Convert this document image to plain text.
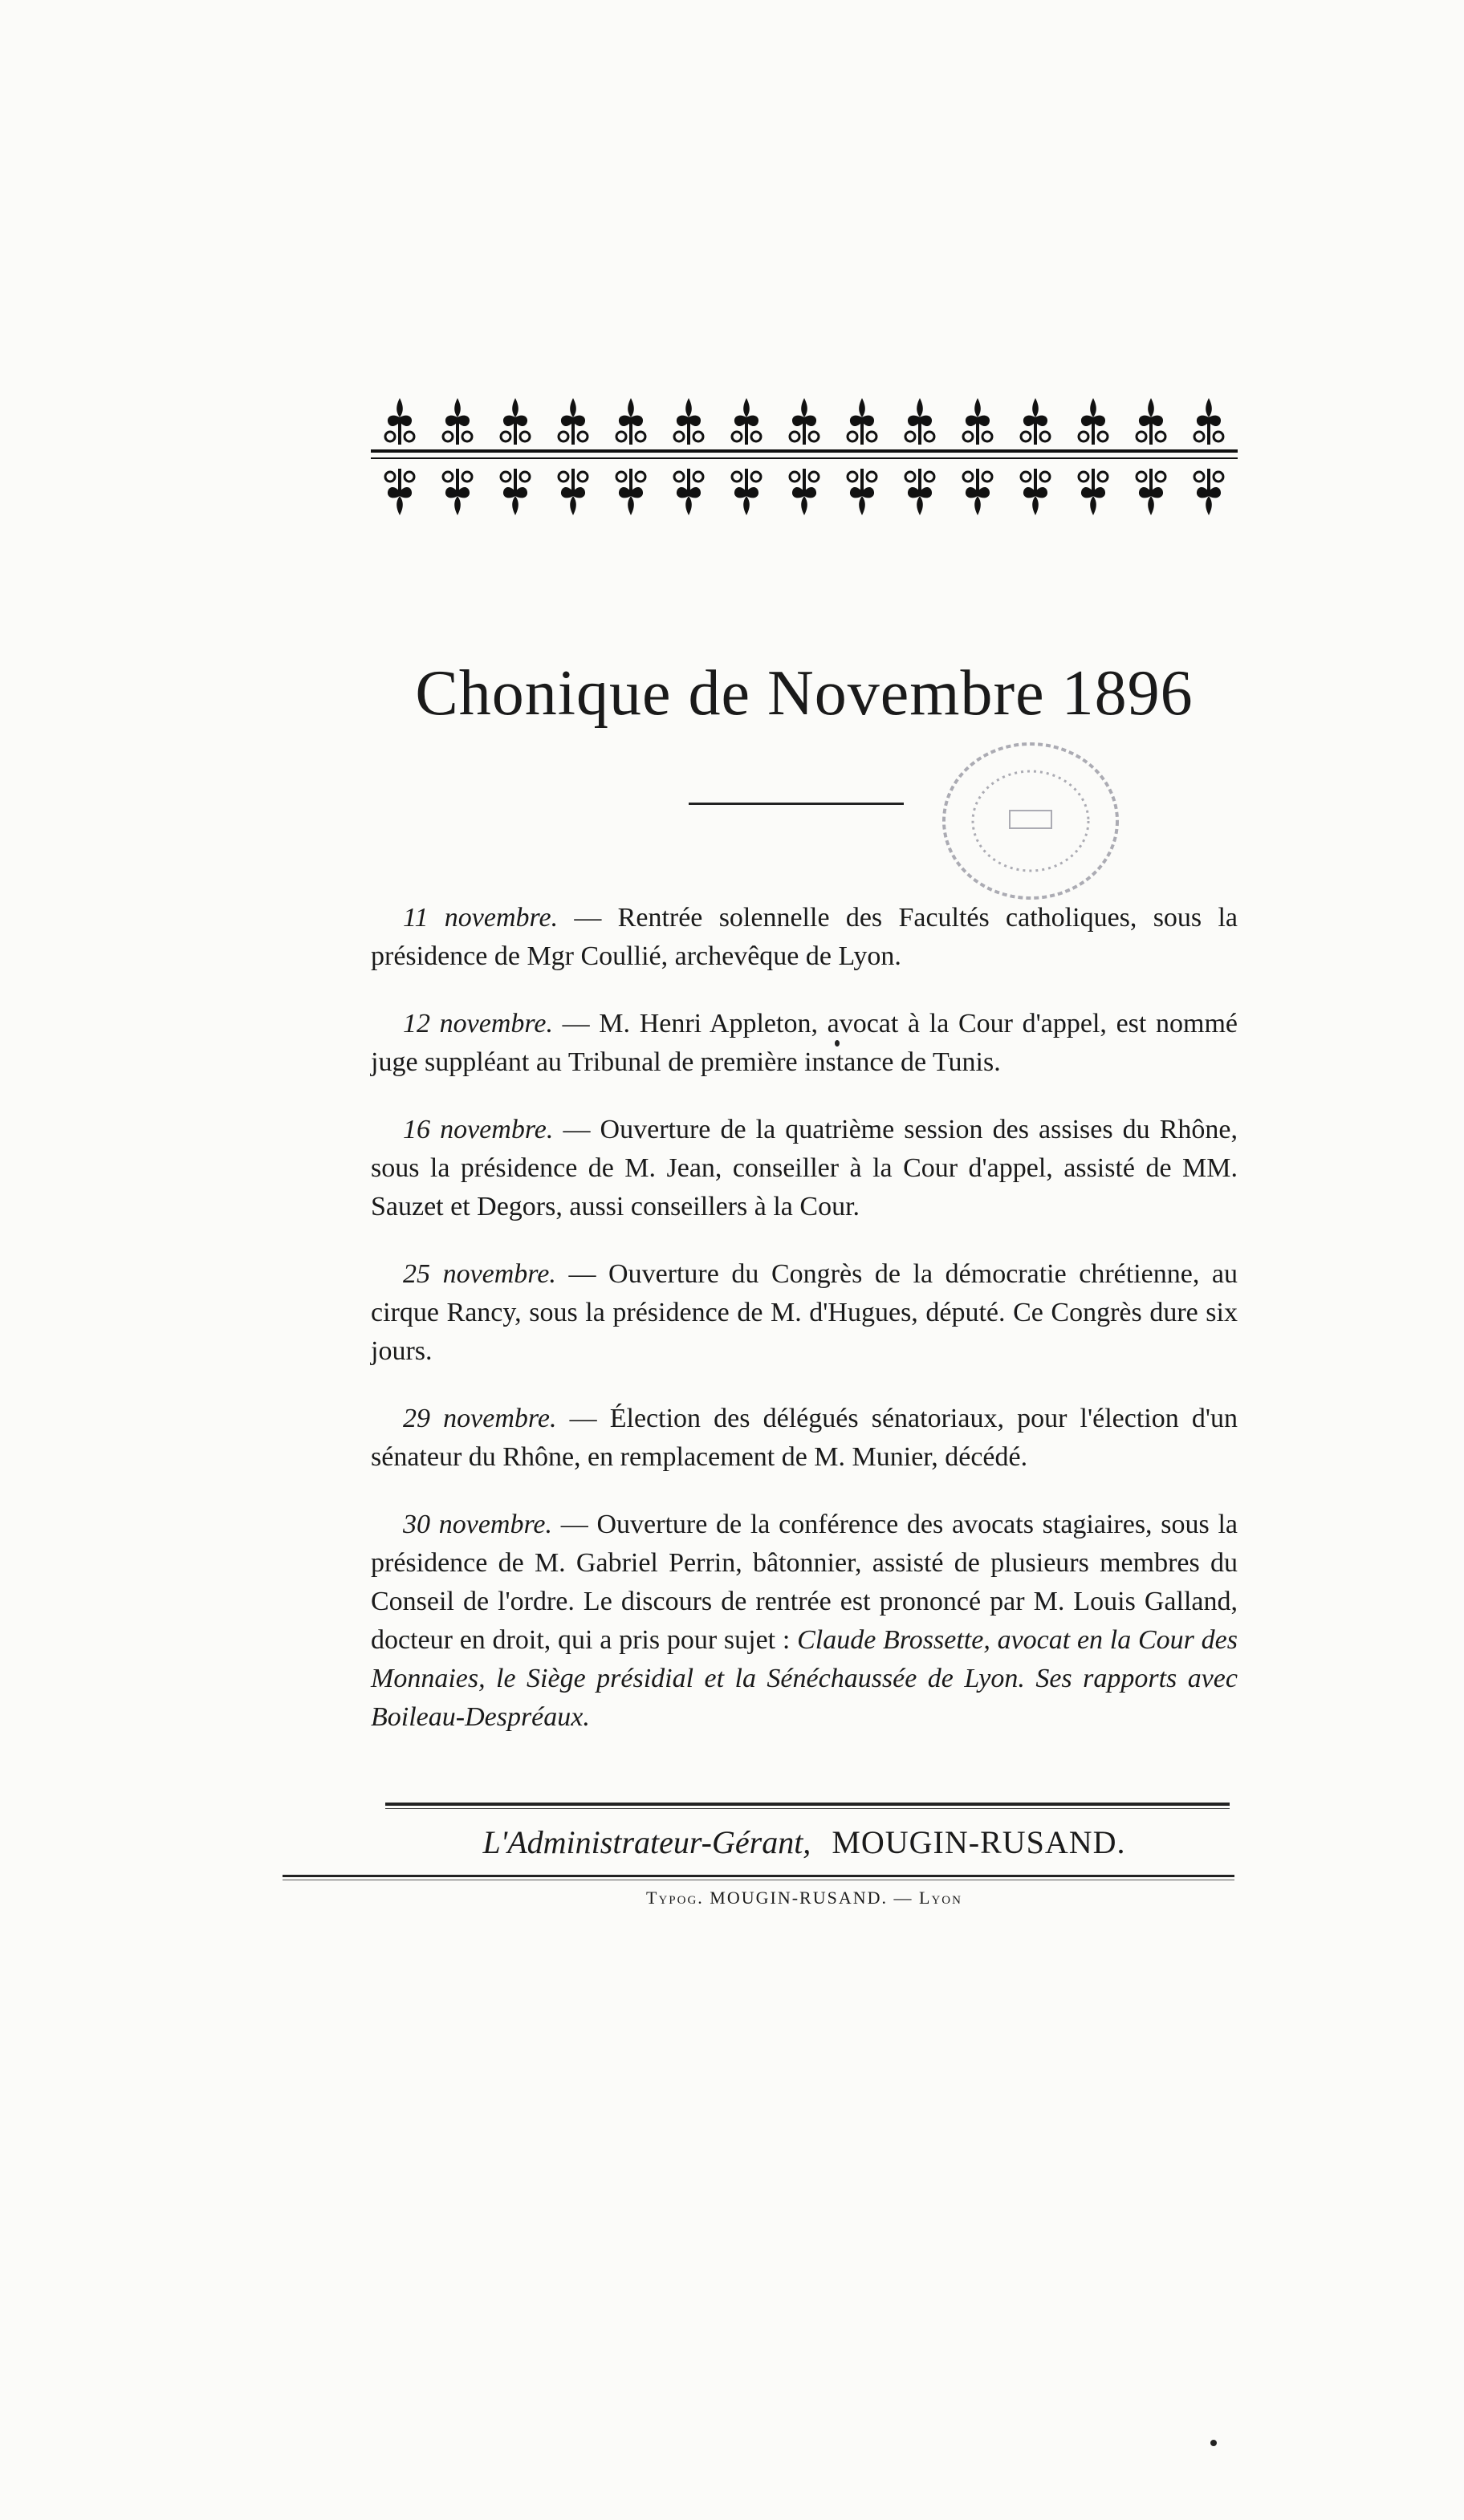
Chonique de Novembre 1896

11 novembre. — Rentrée solennelle des Facultés catholiques, sous la présidence de Mgr Coullié, archevêque de Lyon.

12 novembre. — M. Henri Appleton, avocat à la Cour d'appel, est nommé juge suppléant au Tribunal de première instance de Tunis.

16 novembre. — Ouverture de la quatrième session des assises du Rhône, sous la présidence de M. Jean, conseiller à la Cour d'appel, assisté de MM. Sauzet et Degors, aussi conseillers à la Cour.

25 novembre. — Ouverture du Congrès de la démocratie chrétienne, au cirque Rancy, sous la présidence de M. d'Hugues, député. Ce Congrès dure six jours.

29 novembre. — Élection des délégués sénatoriaux, pour l'élection d'un sénateur du Rhône, en remplacement de M. Munier, décédé.

30 novembre. — Ouverture de la conférence des avocats stagiaires, sous la présidence de M. Gabriel Perrin, bâtonnier, assisté de plusieurs membres du Conseil de l'ordre. Le discours de rentrée est prononcé par M. Louis Galland, docteur en droit, qui a pris pour sujet : Claude Brossette, avocat en la Cour des Monnaies, le Siège présidial et la Sénéchaussée de Lyon. Ses rapports avec Boileau-Despréaux.

L'Administrateur-Gérant, MOUGIN-RUSAND.
Typog. MOUGIN-RUSAND. — Lyon
